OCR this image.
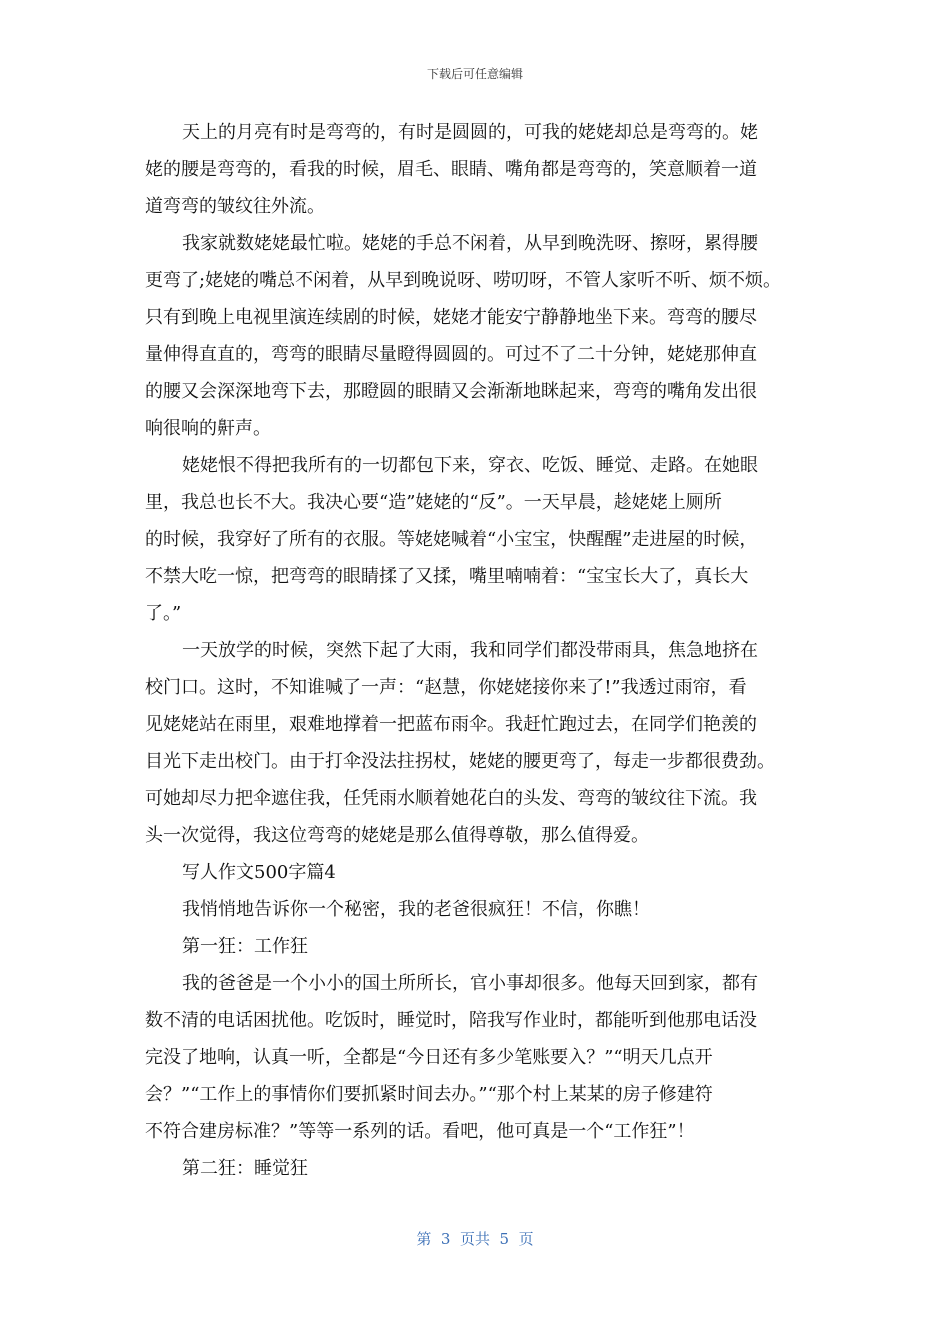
下载后可任意编辑
天上的月亮有时是弯弯的，有时是圆圆的，可我的姥姥却总是弯弯的。姥
姥的腰是弯弯的，看我的时候，眉毛、眼睛、嘴角都是弯弯的，笑意顺着一道
道弯弯的皱纹往外流。
我家就数姥姥最忙啦。姥姥的手总不闲着，从早到晚洗呀、擦呀，累得腰
更弯了;姥姥的嘴总不闲着，从早到晚说呀、唠叨呀，不管人家听不听、烦不烦。
只有到晚上电视里演连续剧的时候，姥姥才能安宁静静地坐下来。弯弯的腰尽
量伸得直直的，弯弯的眼睛尽量瞪得圆圆的。可过不了二十分钟，姥姥那伸直
的腰又会深深地弯下去，那瞪圆的眼睛又会渐渐地眯起来，弯弯的嘴角发出很
响很响的鼾声。
姥姥恨不得把我所有的一切都包下来，穿衣、吃饭、睡觉、走路。在她眼
里，我总也长不大。我决心要“造”姥姥的“反”。一天早晨，趁姥姥上厕所
的时候，我穿好了所有的衣服。等姥姥喊着“小宝宝，快醒醒”走进屋的时候，
不禁大吃一惊，把弯弯的眼睛揉了又揉，嘴里喃喃着：“宝宝长大了，真长大
了。”
一天放学的时候，突然下起了大雨，我和同学们都没带雨具，焦急地挤在
校门口。这时，不知谁喊了一声：“赵慧，你姥姥接你来了!”我透过雨帘，看
见姥姥站在雨里，艰难地撑着一把蓝布雨伞。我赶忙跑过去，在同学们艳羡的
目光下走出校门。由于打伞没法拄拐杖，姥姥的腰更弯了，每走一步都很费劲。
可她却尽力把伞遮住我，任凭雨水顺着她花白的头发、弯弯的皱纹往下流。我
头一次觉得，我这位弯弯的姥姥是那么值得尊敬，那么值得爱。
写人作文500字篇4
我悄悄地告诉你一个秘密，我的老爸很疯狂！不信，你瞧！
第一狂：工作狂
我的爸爸是一个小小的国土所所长，官小事却很多。他每天回到家，都有
数不清的电话困扰他。吃饭时，睡觉时，陪我写作业时，都能听到他那电话没
完没了地响，认真一听，全都是“今日还有多少笔账要入？”“明天几点开
会？”“工作上的事情你们要抓紧时间去办。”“那个村上某某的房子修建符
不符合建房标准？”等等一系列的话。看吧，他可真是一个“工作狂”！
第二狂：睡觉狂
第  3  页共  5  页
